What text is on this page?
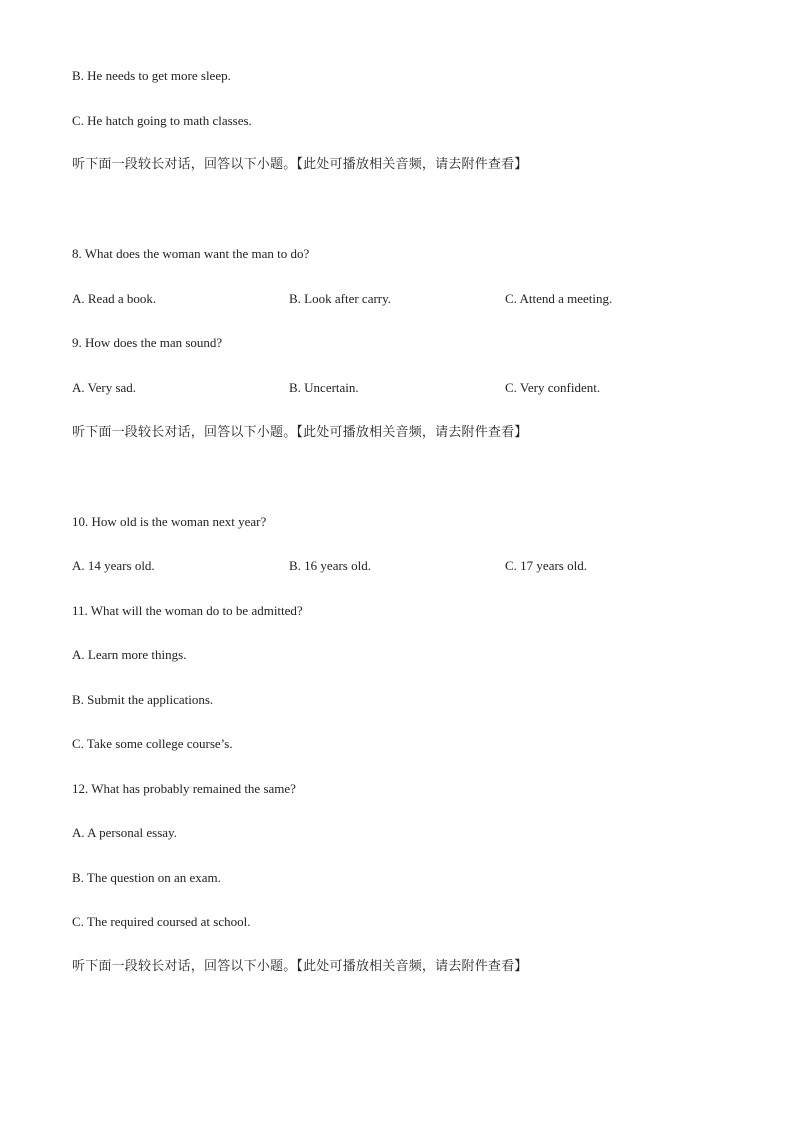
B. He needs to get more sleep.
C. He hatch going to math classes.
听下面一段较长对话，回答以下小题。【此处可播放相关音频，请去附件查看】
8. What does the woman want the man to do?
A. Read a book.	B. Look after carry.	C. Attend a meeting.
9. How does the man sound?
A. Very sad.	B. Uncertain.	C. Very confident.
听下面一段较长对话，回答以下小题。【此处可播放相关音频，请去附件查看】
10. How old is the woman next year?
A. 14 years old.	B. 16 years old.	C. 17 years old.
11. What will the woman do to be admitted?
A. Learn more things.
B. Submit the applications.
C. Take some college course’s.
12. What has probably remained the same?
A. A personal essay.
B. The question on an exam.
C. The required coursed at school.
听下面一段较长对话，回答以下小题。【此处可播放相关音频，请去附件查看】
